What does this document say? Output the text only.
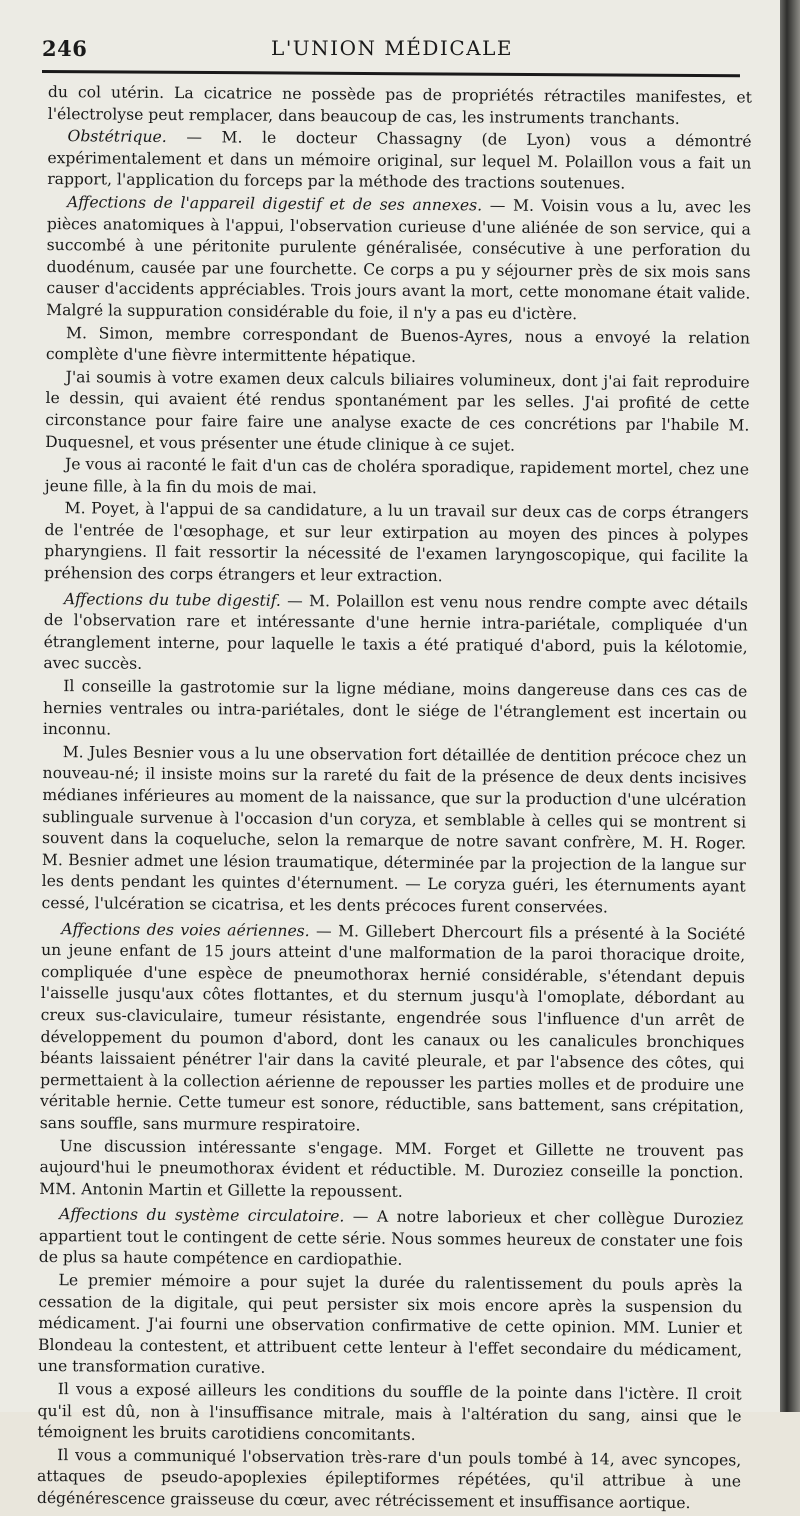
246	L'UNION MÉDICALE

du col utérin. La cicatrice ne possède pas de propriétés rétractiles manifestes, et l'électrolyse peut remplacer, dans beaucoup de cas, les instruments tranchants.

Obstétrique. — M. le docteur Chassagny (de Lyon) vous a démontré expérimentalement et dans un mémoire original, sur lequel M. Polaillon vous a fait un rapport, l'application du forceps par la méthode des tractions soutenues.

Affections de l'appareil digestif et de ses annexes. — M. Voisin vous a lu, avec les pièces anatomiques à l'appui, l'observation curieuse d'une aliénée de son service, qui a succombé à une péritonite purulente généralisée, consécutive à une perforation du duodénum, causée par une fourchette. Ce corps a pu y séjourner près de six mois sans causer d'accidents appréciables. Trois jours avant la mort, cette monomane était valide. Malgré la suppuration considérable du foie, il n'y a pas eu d'ictère.

M. Simon, membre correspondant de Buenos-Ayres, nous a envoyé la relation complète d'une fièvre intermittente hépatique.

J'ai soumis à votre examen deux calculs biliaires volumineux, dont j'ai fait reproduire le dessin, qui avaient été rendus spontanément par les selles. J'ai profité de cette circonstance pour faire faire une analyse exacte de ces concrétions par l'habile M. Duquesnel, et vous présenter une étude clinique à ce sujet.

Je vous ai raconté le fait d'un cas de choléra sporadique, rapidement mortel, chez une jeune fille, à la fin du mois de mai.

M. Poyet, à l'appui de sa candidature, a lu un travail sur deux cas de corps étrangers de l'entrée de l'œsophage, et sur leur extirpation au moyen des pinces à polypes pharyngiens. Il fait ressortir la nécessité de l'examen laryngoscopique, qui facilite la préhension des corps étrangers et leur extraction.

Affections du tube digestif. — M. Polaillon est venu nous rendre compte avec détails de l'observation rare et intéressante d'une hernie intra-pariétale, compliquée d'un étranglement interne, pour laquelle le taxis a été pratiqué d'abord, puis la kélotomie, avec succès.

Il conseille la gastrotomie sur la ligne médiane, moins dangereuse dans ces cas de hernies ventrales ou intra-pariétales, dont le siége de l'étranglement est incertain ou inconnu.

M. Jules Besnier vous a lu une observation fort détaillée de dentition précoce chez un nouveau-né; il insiste moins sur la rareté du fait de la présence de deux dents incisives médianes inférieures au moment de la naissance, que sur la production d'une ulcération sublinguale survenue à l'occasion d'un coryza, et semblable à celles qui se montrent si souvent dans la coqueluche, selon la remarque de notre savant confrère, M. H. Roger. M. Besnier admet une lésion traumatique, déterminée par la projection de la langue sur les dents pendant les quintes d'éternument. — Le coryza guéri, les éternuments ayant cessé, l'ulcération se cicatrisa, et les dents précoces furent conservées.

Affections des voies aériennes. — M. Gillebert Dhercourt fils a présenté à la Société un jeune enfant de 15 jours atteint d'une malformation de la paroi thoracique droite, compliquée d'une espèce de pneumothorax hernié considérable, s'étendant depuis l'aisselle jusqu'aux côtes flottantes, et du sternum jusqu'à l'omoplate, débordant au creux sus-claviculaire, tumeur résistante, engendrée sous l'influence d'un arrêt de développement du poumon d'abord, dont les canaux ou les canalicules bronchiques béants laissaient pénétrer l'air dans la cavité pleurale, et par l'absence des côtes, qui permettaient à la collection aérienne de repousser les parties molles et de produire une véritable hernie. Cette tumeur est sonore, réductible, sans battement, sans crépitation, sans souffle, sans murmure respiratoire.

Une discussion intéressante s'engage. MM. Forget et Gillette ne trouvent pas aujourd'hui le pneumothorax évident et réductible. M. Duroziez conseille la ponction. MM. Antonin Martin et Gillette la repoussent.

Affections du système circulatoire. — A notre laborieux et cher collègue Duroziez appartient tout le contingent de cette série. Nous sommes heureux de constater une fois de plus sa haute compétence en cardiopathie.

Le premier mémoire a pour sujet la durée du ralentissement du pouls après la cessation de la digitale, qui peut persister six mois encore après la suspension du médicament. J'ai fourni une observation confirmative de cette opinion. MM. Lunier et Blondeau la contestent, et attribuent cette lenteur à l'effet secondaire du médicament, une transformation curative.

Il vous a exposé ailleurs les conditions du souffle de la pointe dans l'ictère. Il croit qu'il est dû, non à l'insuffisance mitrale, mais à l'altération du sang, ainsi que le témoignent les bruits carotidiens concomitants.

Il vous a communiqué l'observation très-rare d'un pouls tombé à 14, avec syncopes, attaques de pseudo-apoplexies épileptiformes répétées, qu'il attribue à une dégénérescence graisseuse du cœur, avec rétrécissement et insuffisance aortique.
